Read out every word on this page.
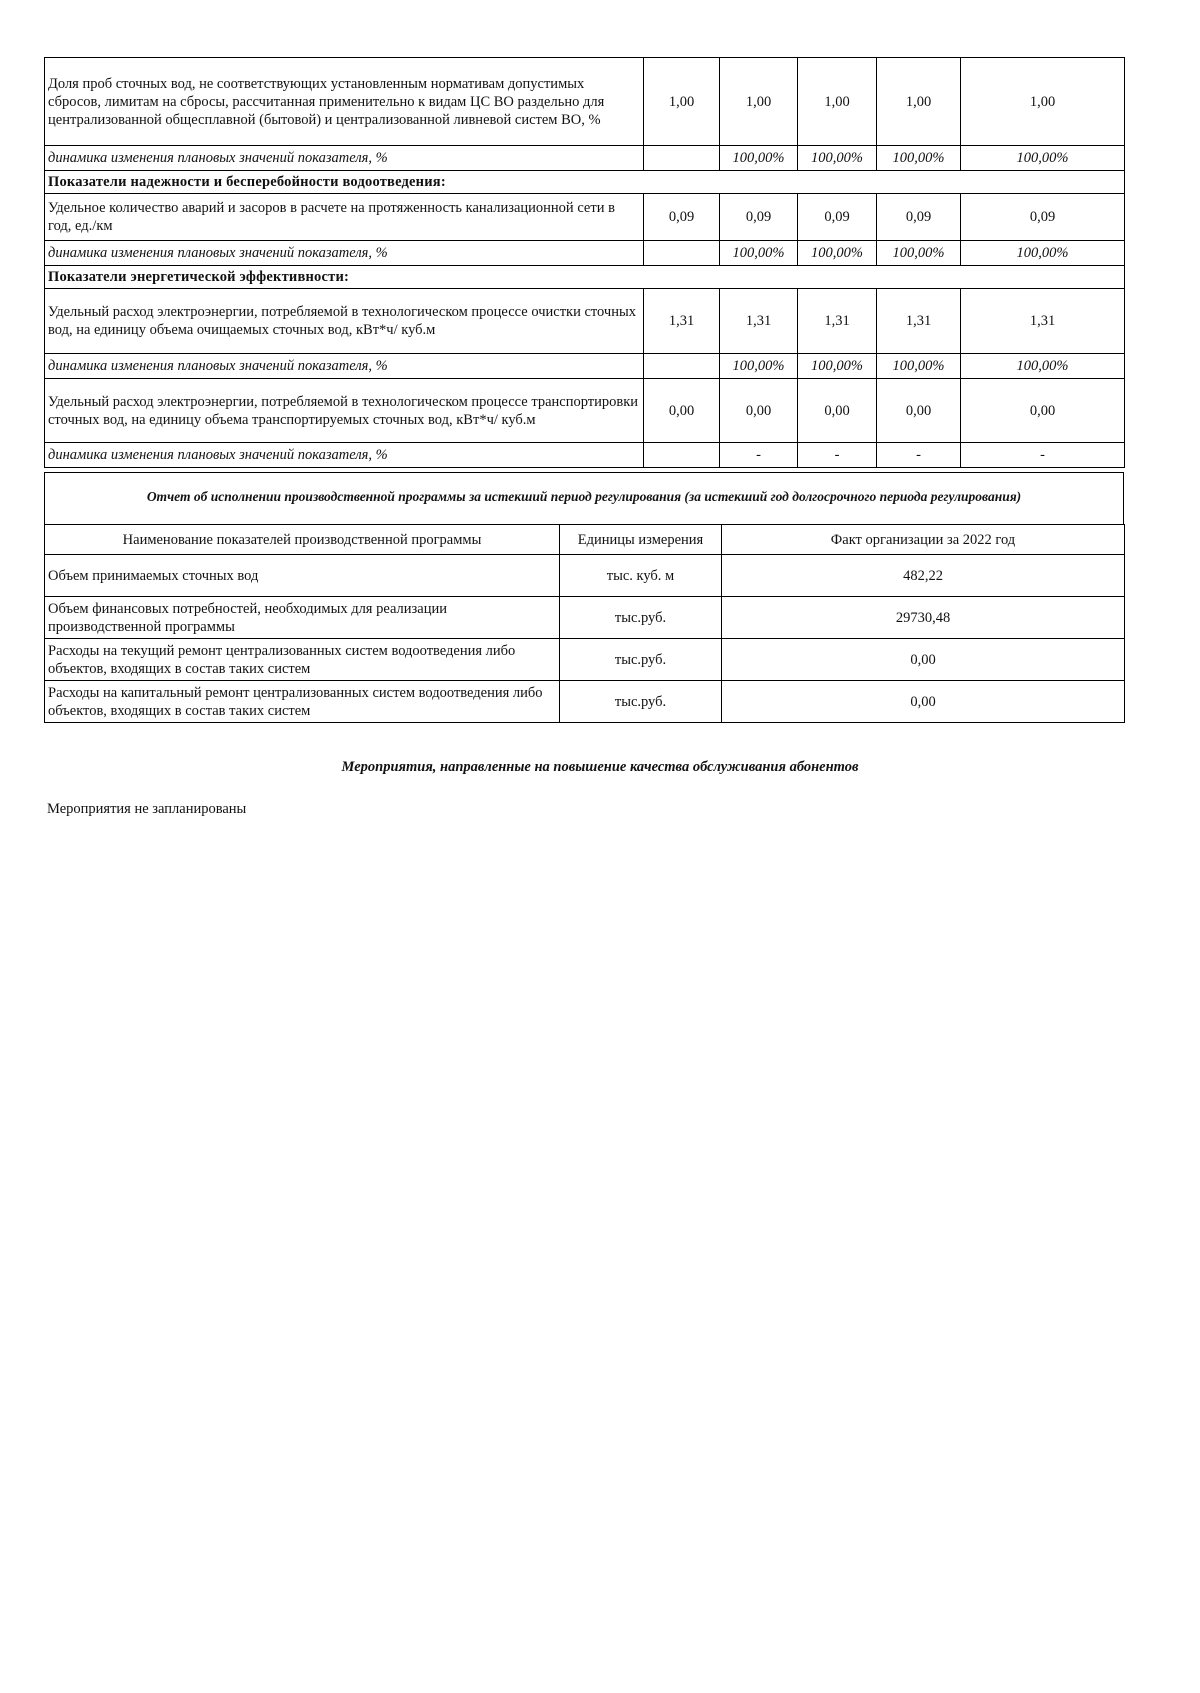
Доля проб сточных вод, не соответствующих установленным нормативам допустимых сбросов, лимитам на сбросы, рассчитанная применительно к видам ЦС ВО раздельно для централизованной общесплавной (бытовой) и централизованной ливневой систем ВО, %	1,00	1,00	1,00	1,00	1,00
динамика изменения плановых значений показателя, %		100,00%	100,00%	100,00%	100,00%
Показатели надежности и бесперебойности водоотведения:					
Удельное количество аварий и засоров в расчете на протяженность канализационной сети в год, ед./км	0,09	0,09	0,09	0,09	0,09
динамика изменения плановых значений показателя, %		100,00%	100,00%	100,00%	100,00%
Показатели энергетической эффективности:					
Удельный расход электроэнергии, потребляемой в технологическом процессе очистки сточных вод, на единицу объема очищаемых сточных вод, кВт*ч/ куб.м	1,31	1,31	1,31	1,31	1,31
динамика изменения плановых значений показателя, %		100,00%	100,00%	100,00%	100,00%
Удельный расход электроэнергии, потребляемой в технологическом процессе транспортировки сточных вод, на единицу объема транспортируемых сточных вод, кВт*ч/ куб.м	0,00	0,00	0,00	0,00	0,00
динамика изменения плановых значений показателя, %		-	-	-	-
Отчет об исполнении производственной программы за истекший период регулирования (за истекший год долгосрочного периода регулирования)
Наименование показателей производственной программы	Единицы измерения	Факт организации за 2022 год
Объем принимаемых сточных вод	тыс. куб. м	482,22
Объем финансовых потребностей, необходимых для реализации производственной программы	тыс.руб.	29730,48
Расходы на текущий ремонт централизованных систем водоотведения либо объектов, входящих в состав таких систем	тыс.руб.	0,00
Расходы на капитальный ремонт централизованных систем водоотведения либо объектов, входящих в состав таких систем	тыс.руб.	0,00
Мероприятия, направленные на повышение качества обслуживания абонентов
Мероприятия не запланированы
